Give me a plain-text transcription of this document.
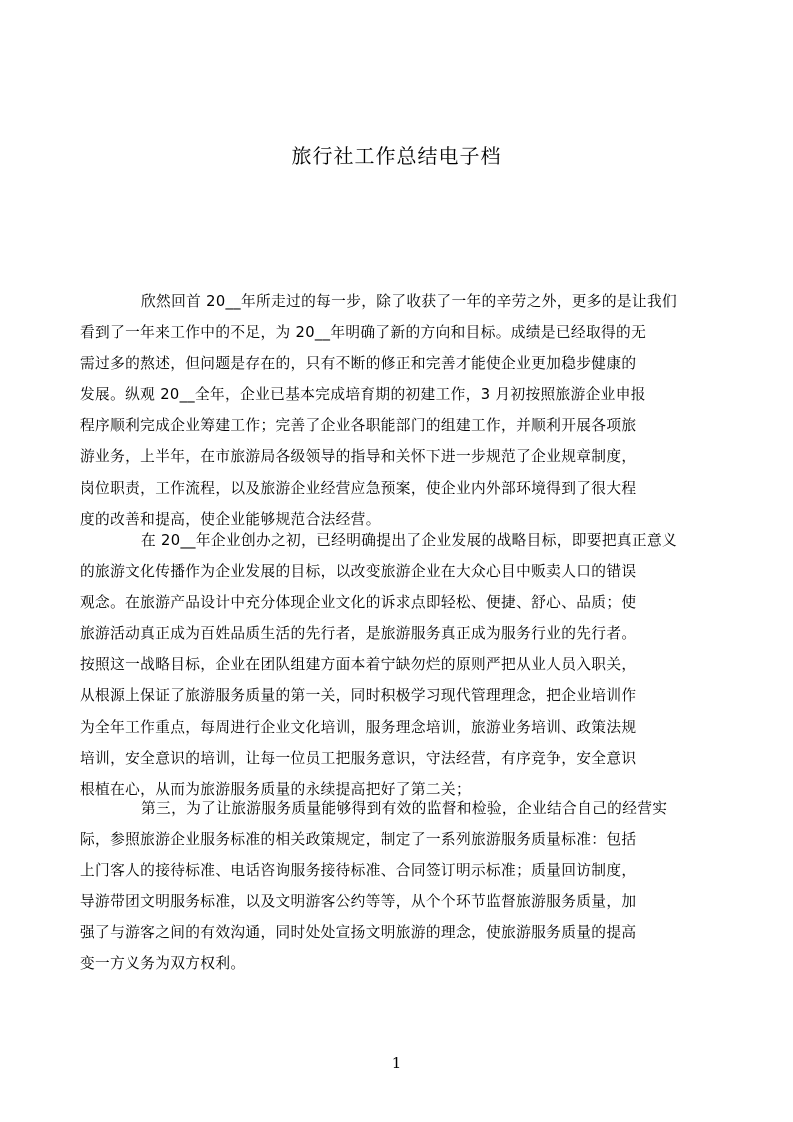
旅行社工作总结电子档
欣然回首 20__年所走过的每一步，除了收获了一年的辛劳之外，更多的是让我们
看到了一年来工作中的不足，为 20__年明确了新的方向和目标。成绩是已经取得的无
需过多的熬述，但问题是存在的，只有不断的修正和完善才能使企业更加稳步健康的
发展。纵观 20__全年，企业已基本完成培育期的初建工作，3 月初按照旅游企业申报
程序顺利完成企业筹建工作；完善了企业各职能部门的组建工作，并顺利开展各项旅
游业务，上半年，在市旅游局各级领导的指导和关怀下进一步规范了企业规章制度，
岗位职责，工作流程，以及旅游企业经营应急预案，使企业内外部环境得到了很大程
度的改善和提高，使企业能够规范合法经营。
在 20__年企业创办之初，已经明确提出了企业发展的战略目标，即要把真正意义
的旅游文化传播作为企业发展的目标，以改变旅游企业在大众心目中贩卖人口的错误
观念。在旅游产品设计中充分体现企业文化的诉求点即轻松、便捷、舒心、品质；使
旅游活动真正成为百姓品质生活的先行者，是旅游服务真正成为服务行业的先行者。
按照这一战略目标，企业在团队组建方面本着宁缺勿烂的原则严把从业人员入职关，
从根源上保证了旅游服务质量的第一关，同时积极学习现代管理理念，把企业培训作
为全年工作重点，每周进行企业文化培训，服务理念培训，旅游业务培训、政策法规
培训，安全意识的培训，让每一位员工把服务意识，守法经营，有序竞争，安全意识
根植在心，从而为旅游服务质量的永续提高把好了第二关；
第三，为了让旅游服务质量能够得到有效的监督和检验，企业结合自己的经营实
际，参照旅游企业服务标准的相关政策规定，制定了一系列旅游服务质量标准：包括
上门客人的接待标准、电话咨询服务接待标准、合同签订明示标准；质量回访制度，
导游带团文明服务标准，以及文明游客公约等等，从个个环节监督旅游服务质量，加
强了与游客之间的有效沟通，同时处处宣扬文明旅游的理念，使旅游服务质量的提高
变一方义务为双方权利。
1
